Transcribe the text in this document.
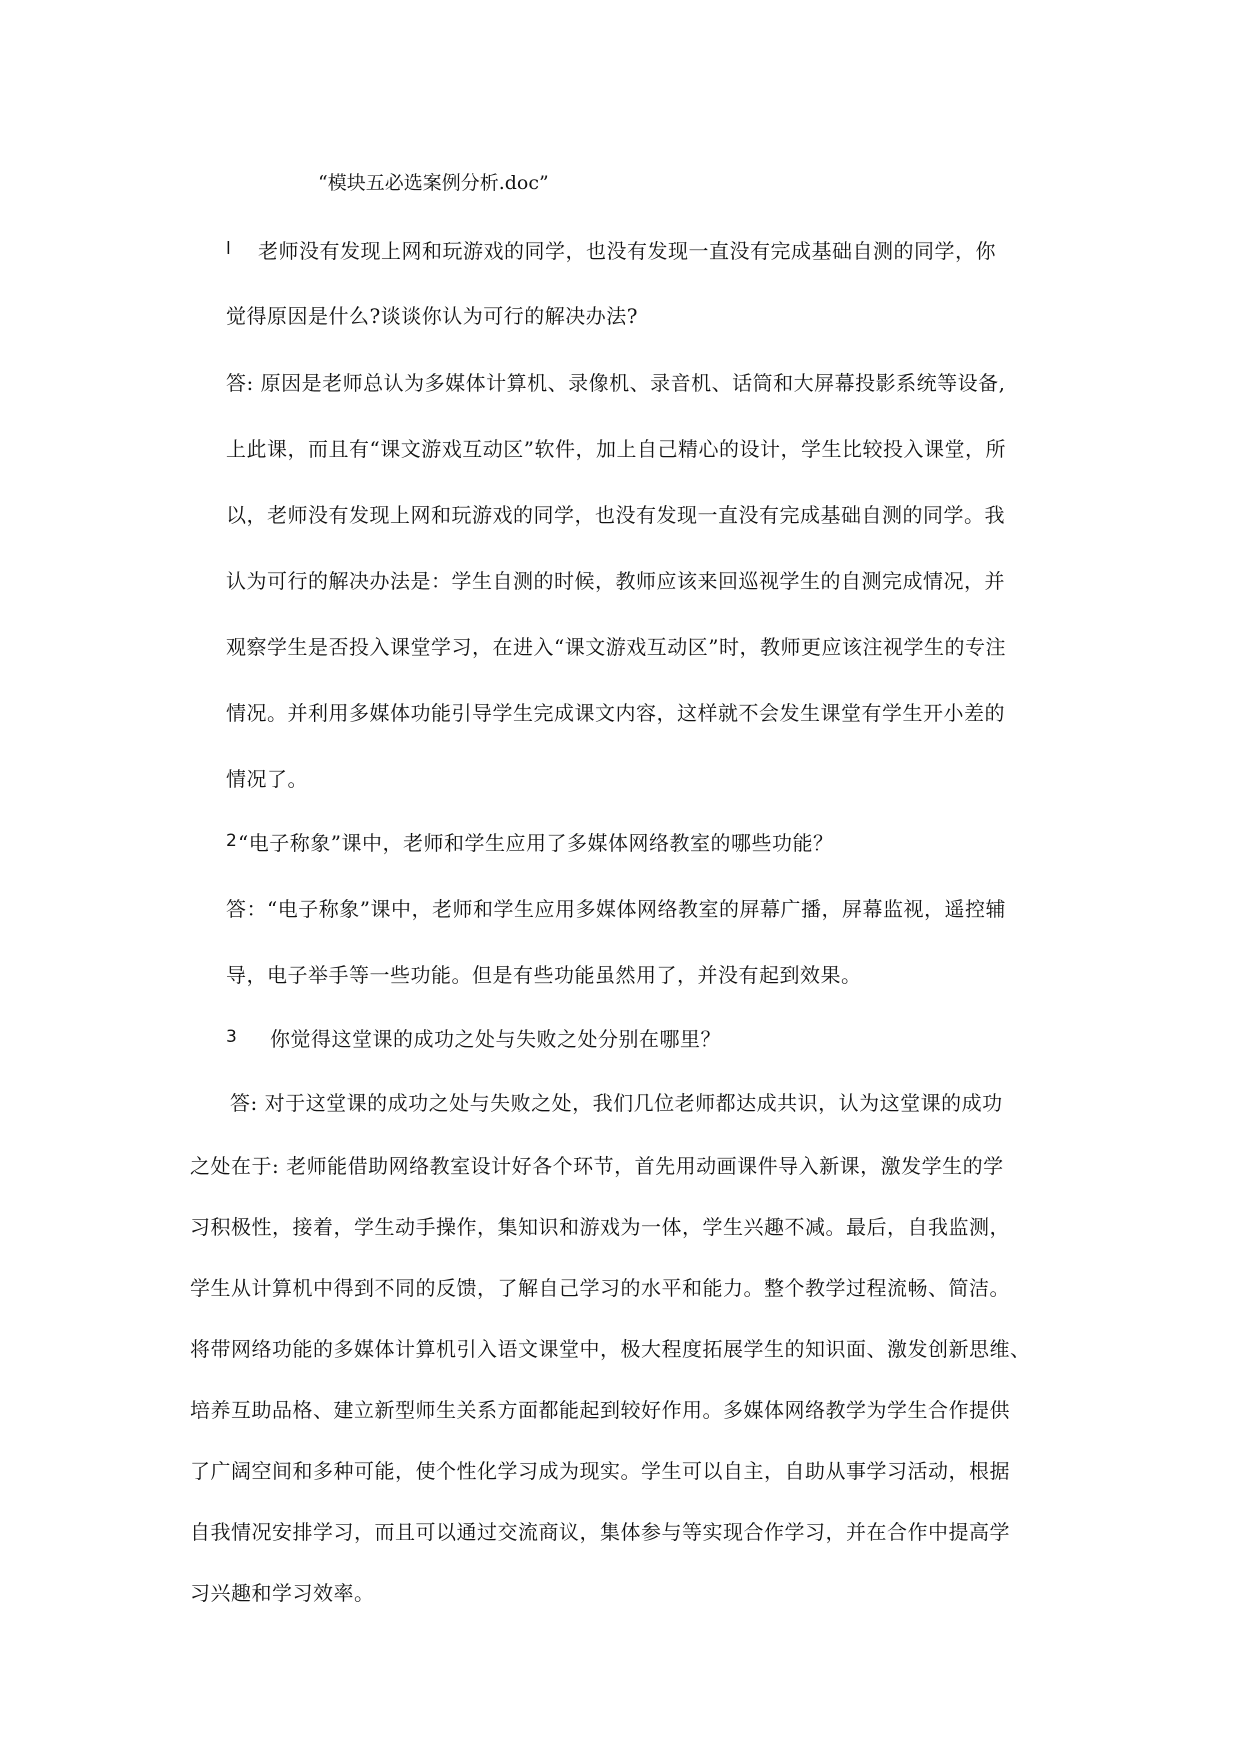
“模块五必选案例分析.doc”
l 老师没有发现上网和玩游戏的同学，也没有发现一直没有完成基础自测的同学，你
觉得原因是什么?谈谈你认为可行的解决办法?
答: 原因是老师总认为多媒体计算机、录像机、录音机、话筒和大屏幕投影系统等设备,
上此课，而且有“课文游戏互动区”软件，加上自己精心的设计，学生比较投入课堂，所
以，老师没有发现上网和玩游戏的同学，也没有发现一直没有完成基础自测的同学。我
认为可行的解决办法是：学生自测的时候，教师应该来回巡视学生的自测完成情况，并
观察学生是否投入课堂学习，在进入“课文游戏互动区”时，教师更应该注视学生的专注
情况。并利用多媒体功能引导学生完成课文内容，这样就不会发生课堂有学生开小差的
情况了。
2 “电子称象”课中，老师和学生应用了多媒体网络教室的哪些功能？
答：“电子称象”课中，老师和学生应用多媒体网络教室的屏幕广播，屏幕监视，遥控辅
导，电子举手等一些功能。但是有些功能虽然用了，并没有起到效果。
3 你觉得这堂课的成功之处与失败之处分别在哪里？
答: 对于这堂课的成功之处与失败之处，我们几位老师都达成共识，认为这堂课的成功
之处在于: 老师能借助网络教室设计好各个环节，首先用动画课件导入新课，激发学生的学
习积极性，接着，学生动手操作，集知识和游戏为一体，学生兴趣不减。最后，自我监测，
学生从计算机中得到不同的反馈，了解自己学习的水平和能力。整个教学过程流畅、简洁。
将带网络功能的多媒体计算机引入语文课堂中，极大程度拓展学生的知识面、激发创新思维、
培养互助品格、建立新型师生关系方面都能起到较好作用。多媒体网络教学为学生合作提供
了广阔空间和多种可能，使个性化学习成为现实。学生可以自主，自助从事学习活动，根据
自我情况安排学习，而且可以通过交流商议，集体参与等实现合作学习，并在合作中提高学
习兴趣和学习效率。
